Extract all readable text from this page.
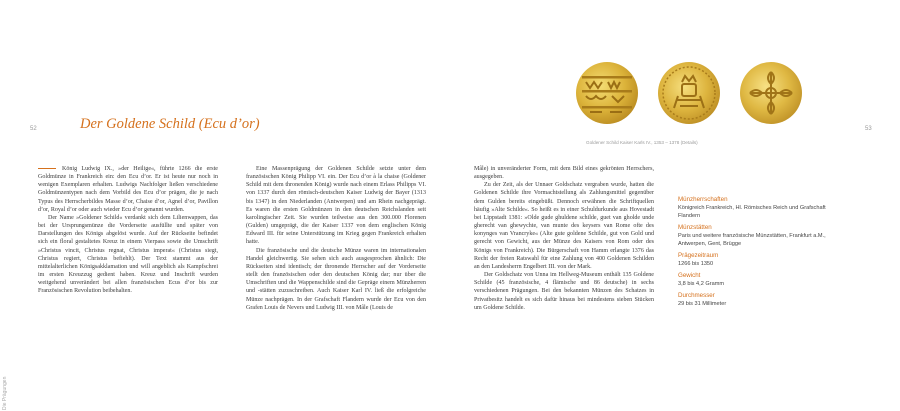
52	53
Der Goldene Schild (Ecu d’or)
Goldener Schild Kaiser Karls IV., 1353 – 1378 (Details)

König Ludwig IX., »der Heilige«, führte 1266 die erste Goldmünze in Frankreich ein: den Ecu d’or. Er ist heute nur noch in wenigen Exemplaren erhalten. Ludwigs Nachfolger ließen verschiedene Goldmünzentypen nach dem Vorbild des Ecu d’or prägen, die je nach Typus des Herrscherbildes Masse d’or, Chaise d’or, Agnel d’or, Pavillon d’or, Royal d’or oder auch wieder Ecu d’or genannt wurden.

Der Name »Goldener Schild« verdankt sich dem Lilienwappen, das bei der Ursprungsmünze die Vorderseite ausfüllte und später von Darstellungen des Königs abgelöst wurde. Auf der Rückseite befindet sich ein floral gestaltetes Kreuz in einem Vierpass sowie die Umschrift »Christus vincit, Christus regnat, Christus imperat« (Christus siegt, Christus regiert, Christus befiehlt). Der Text stammt aus der mittelalterlichen Königsakklamation und will angeblich als Kampfschrei im ersten Kreuzzug gedient haben. Kreuz und Inschrift wurden weitgehend unverändert bei allen französischen Ecus d’or bis zur Französischen Revolution beibehalten.

Eine Massenprägung der Goldenen Schilde setzte unter dem französischen König Philipp VI. ein. Der Ecu d’or à la chaise (Goldener Schild mit dem thronenden König) wurde nach einem Erlass Philipps VI. von 1337 durch den römisch-deutschen Kaiser Ludwig der Bayer (1313 bis 1347) in den Niederlanden (Antwerpen) und am Rhein nachgeprägt. Es waren die ersten Goldmünzen in den deutschen Reichslanden seit karolingischer Zeit. Sie wurden teilweise aus den 300.000 Florenen (Gulden) umgeprägt, die der Kaiser 1337 von dem englischen König Edward III. für seine Unterstützung im Krieg gegen Frankreich erhalten hatte.

Die französische und die deutsche Münze waren im internationalen Handel gleichwertig. Sie sehen sich auch ausgesprochen ähnlich: Die Rückseiten sind identisch; der thronende Herrscher auf der Vorderseite stellt den französischen oder den deutschen König dar; nur über die Umschriften und die Wappenschilde sind die Gepräge einem Münzherren und -stätten zuzuschreiben. Auch Kaiser Karl IV. ließ die erfolgreiche Münze nachprägen. In der Grafschaft Flandern wurde der Ecu von den Grafen Louis de Nevers und Ludwig III. von Mâle (Louis de

Mâle) in unveränderter Form, mit dem Bild eines gekrönten Herrschers, ausgegeben.

Zu der Zeit, als der Unnaer Goldschatz vergraben wurde, hatten die Goldenen Schilde ihre Vormachtstellung als Zahlungsmittel gegenüber dem Gulden bereits eingebüßt. Dennoch erwähnen die Schriftquellen häufig »Alte Schilde«. So heißt es in einer Schuldurkunde aus Hovestadt bei Lippstadt 1381: »Olde gude ghuldene schilde, guet van gholde unde gherecht van ghewychte, van munte des keysers van Rome ofte des konynges van Vrancryke« (Alte gute goldene Schilde, gut von Gold und gerecht von Gewicht, aus der Münze des Kaisers von Rom oder des Königs von Frankreich). Die Bürgerschaft von Hamm erlangte 1376 das Recht der freien Ratswahl für eine Zahlung von 400 Goldenen Schilden an den Landesherrn Engelbert III. von der Mark.

Der Goldschatz von Unna im Hellweg-Museum enthält 135 Goldene Schilde (45 französische, 4 flämische und 86 deutsche) in sechs verschiedenen Prägungen. Bei den bekannten Münzen des Schatzes in Privatbesitz handelt es sich dafür hinaus bei mindestens sieben Stücken um Goldene Schilde.

Münzherrschaften
Königreich Frankreich, Hl. Römisches Reich und Grafschaft Flandern
Münzstätten
Paris und weitere französische Münzstätten, Frankfurt a.M., Antwerpen, Gent, Brügge
Prägezeitraum
1266 bis 1350
Gewicht
3,8 bis 4,2 Gramm
Durchmesser
29 bis 31 Millimeter
Die Prägungen
